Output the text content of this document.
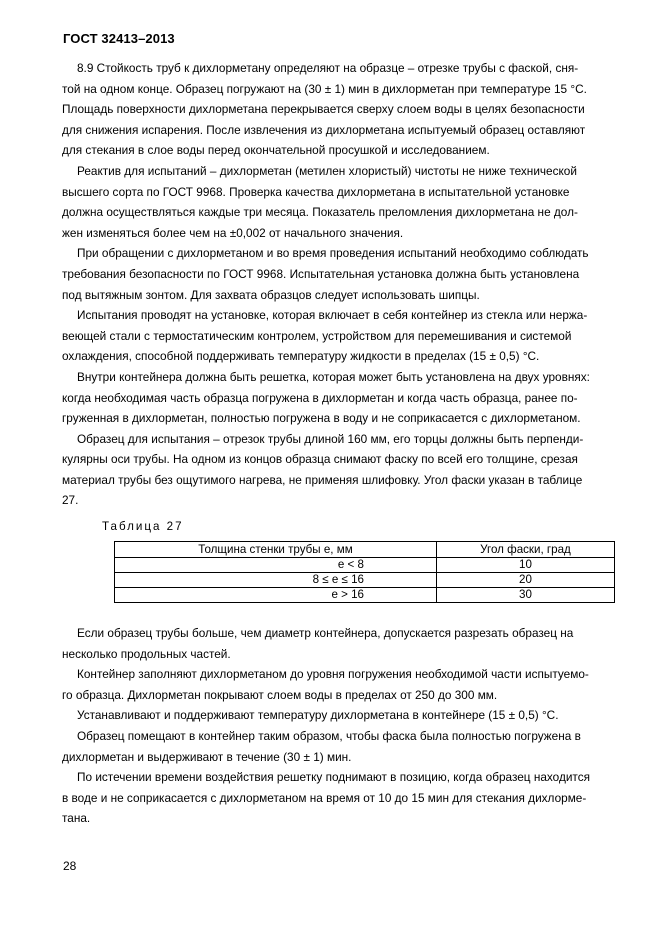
ГОСТ 32413–2013

8.9 Стойкость труб к дихлорметану определяют на образце – отрезке трубы с фаской, сня-
той на одном конце. Образец погружают на (30 ± 1) мин в дихлорметан при температуре 15 °С.
Площадь поверхности дихлорметана перекрывается сверху слоем воды в целях безопасности
для снижения испарения. После извлечения из дихлорметана испытуемый образец оставляют
для стекания в слое воды перед окончательной просушкой и исследованием.

Реактив для испытаний – дихлорметан (метилен хлористый) чистоты не ниже технической
высшего сорта по ГОСТ 9968. Проверка качества дихлорметана в испытательной установке
должна осуществляться каждые три месяца. Показатель преломления дихлорметана не дол-
жен изменяться более чем на ±0,002 от начального значения.

При обращении с дихлорметаном и во время проведения испытаний необходимо соблюдать
требования безопасности по ГОСТ 9968. Испытательная установка должна быть установлена
под вытяжным зонтом. Для захвата образцов следует использовать шипцы.

Испытания проводят на установке, которая включает в себя контейнер из стекла или нержа-
веющей стали с термостатическим контролем, устройством для перемешивания и системой
охлаждения, способной поддерживать температуру жидкости в пределах (15 ± 0,5) °С.

Внутри контейнера должна быть решетка, которая может быть установлена на двух уровнях:
когда необходимая часть образца погружена в дихлорметан и когда часть образца, ранее по-
груженная в дихлорметан, полностью погружена в воду и не соприкасается с дихлорметаном.

Образец для испытания – отрезок трубы длиной 160 мм, его торцы должны быть перпенди-
кулярны оси трубы. На одном из концов образца снимают фаску по всей его толщине, срезая
материал трубы без ощутимого нагрева, не применяя шлифовку. Угол фаски указан в таблице
27.

Таблица 27
Толщина стенки трубы e, мм	Угол фаски, град
e < 8	10
8 ≤ e ≤ 16	20
e > 16	30

Если образец трубы больше, чем диаметр контейнера, допускается разрезать образец на
несколько продольных частей.

Контейнер заполняют дихлорметаном до уровня погружения необходимой части испытуемо-
го образца. Дихлорметан покрывают слоем воды в пределах от 250 до 300 мм.

Устанавливают и поддерживают температуру дихлорметана в контейнере (15 ± 0,5) °С.

Образец помещают в контейнер таким образом, чтобы фаска была полностью погружена в
дихлорметан и выдерживают в течение (30 ± 1) мин.

По истечении времени воздействия решетку поднимают в позицию, когда образец находится
в воде и не соприкасается с дихлорметаном на время от 10 до 15 мин для стекания дихлорме-
тана.

28
